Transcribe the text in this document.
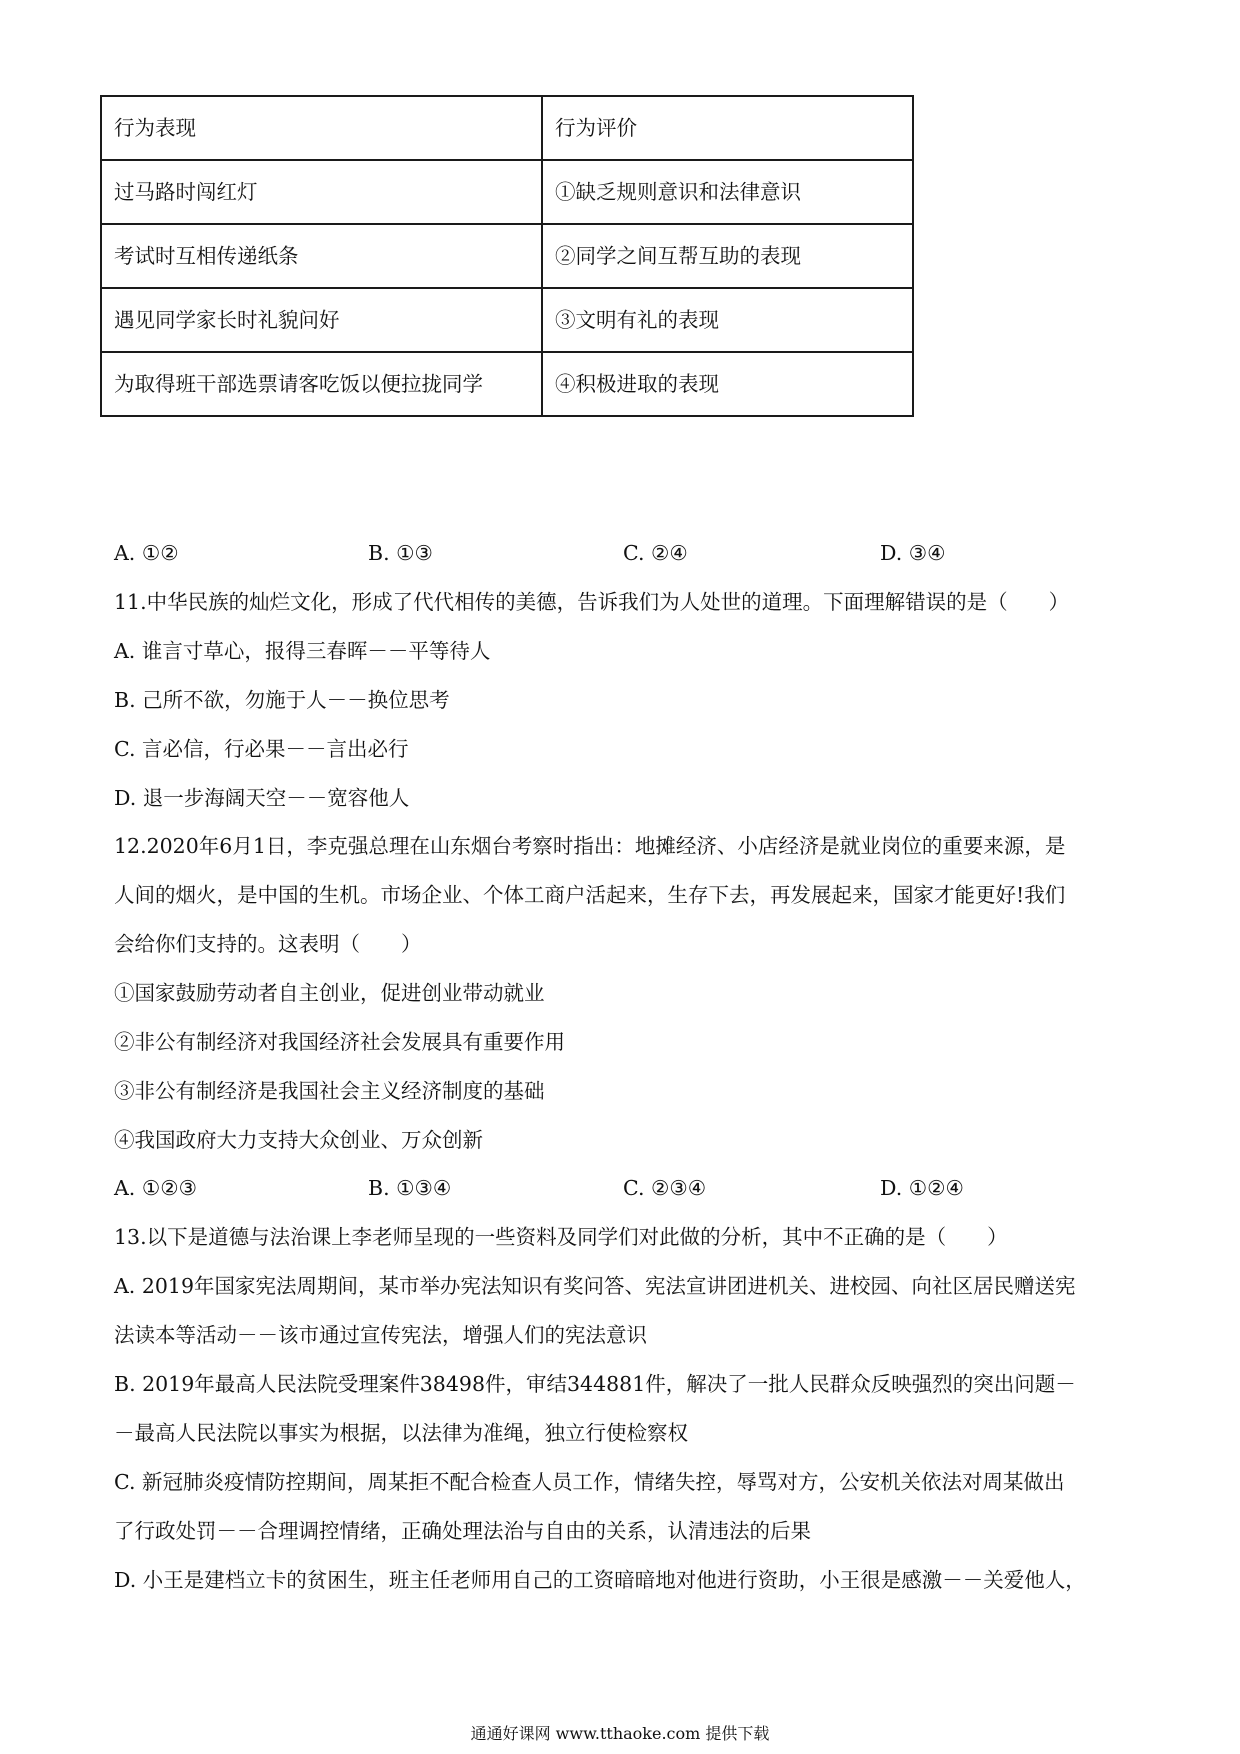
行为表现	行为评价
过马路时闯红灯	①缺乏规则意识和法律意识
考试时互相传递纸条	②同学之间互帮互助的表现
遇见同学家长时礼貌问好	③文明有礼的表现
为取得班干部选票请客吃饭以便拉拢同学	④积极进取的表现
A. ①②	B. ①③	C. ②④	D. ③④
11.中华民族的灿烂文化，形成了代代相传的美德，告诉我们为人处世的道理。下面理解错误的是（　　）
A. 谁言寸草心，报得三春晖－－平等待人
B. 己所不欲，勿施于人－－换位思考
C. 言必信，行必果－－言出必行
D. 退一步海阔天空－－宽容他人
12.2020年6月1日，李克强总理在山东烟台考察时指出：地摊经济、小店经济是就业岗位的重要来源，是
人间的烟火，是中国的生机。市场企业、个体工商户活起来，生存下去，再发展起来，国家才能更好!我们
会给你们支持的。这表明（　　）
①国家鼓励劳动者自主创业，促进创业带动就业
②非公有制经济对我国经济社会发展具有重要作用
③非公有制经济是我国社会主义经济制度的基础
④我国政府大力支持大众创业、万众创新
A. ①②③	B. ①③④	C. ②③④	D. ①②④
13.以下是道德与法治课上李老师呈现的一些资料及同学们对此做的分析，其中不正确的是（　　）
A. 2019年国家宪法周期间，某市举办宪法知识有奖问答、宪法宣讲团进机关、进校园、向社区居民赠送宪
法读本等活动－－该市通过宣传宪法，增强人们的宪法意识
B. 2019年最高人民法院受理案件38498件，审结344881件，解决了一批人民群众反映强烈的突出问题－
－最高人民法院以事实为根据，以法律为准绳，独立行使检察权
C. 新冠肺炎疫情防控期间，周某拒不配合检查人员工作，情绪失控，辱骂对方，公安机关依法对周某做出
了行政处罚－－合理调控情绪，正确处理法治与自由的关系，认清违法的后果
D. 小王是建档立卡的贫困生，班主任老师用自己的工资暗暗地对他进行资助，小王很是感激－－关爱他人，
通通好课网 www.tthaoke.com 提供下载
